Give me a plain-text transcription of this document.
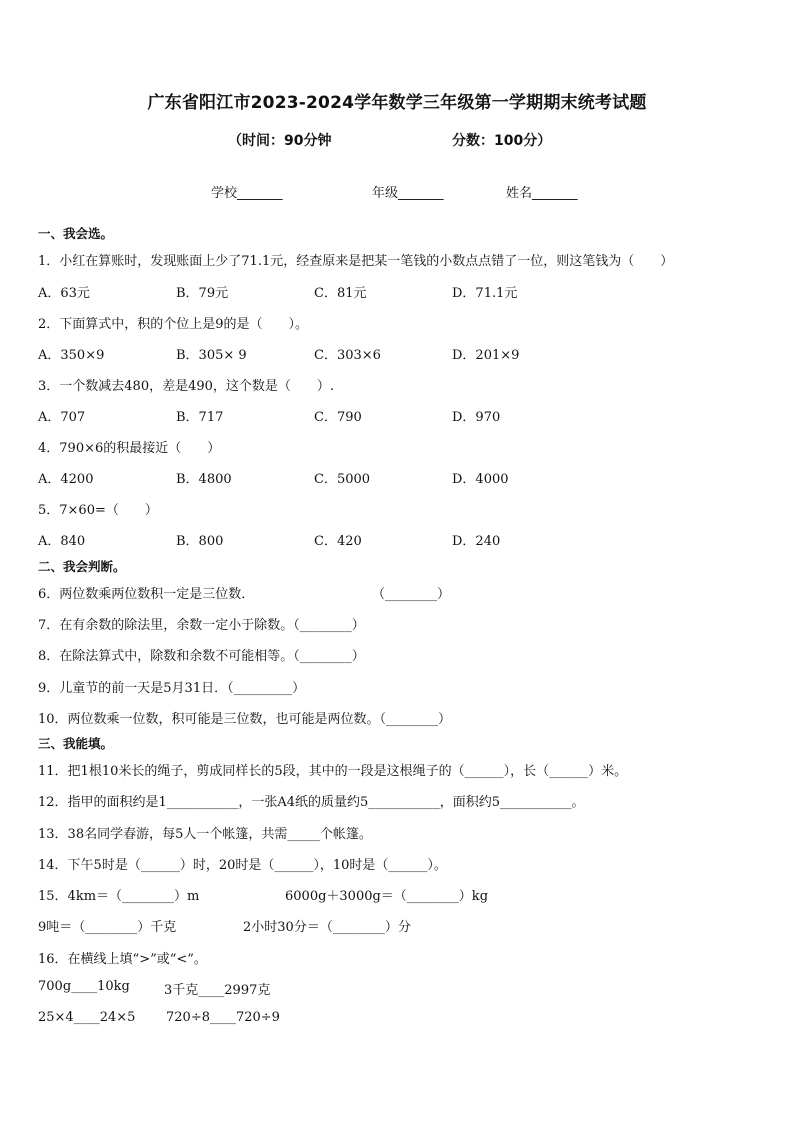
广东省阳江市2023-2024学年数学三年级第一学期期末统考试题
（时间：90分钟	分数：100分）
学校_______	年级_______	姓名_______
一、我会选。
1．小红在算账时，发现账面上少了71.1元，经查原来是把某一笔钱的小数点点错了一位，则这笔钱为（　　）
A．63元	B．79元	C．81元	D．71.1元
2．下面算式中，积的个位上是9的是（　　）。
A．350×9	B．305× 9	C．303×6	D．201×9
3．一个数减去480，差是490，这个数是（　　）.
A．707	B．717	C．790	D．970
4．790×6的积最接近（　　）
A．4200	B．4800	C．5000	D．4000
5．7×60=（　　）
A．840	B．800	C．420	D．240
二、我会判断。
6．两位数乘两位数积一定是三位数．	（________）
7．在有余数的除法里，余数一定小于除数。（________）
8．在除法算式中，除数和余数不可能相等。（________）
9．儿童节的前一天是5月31日．（_________）
10．两位数乘一位数，积可能是三位数，也可能是两位数。（________）
三、我能填。
11．把1根10米长的绳子，剪成同样长的5段，其中的一段是这根绳子的（______），长（______）米。
12．指甲的面积约是1___________，一张A4纸的质量约5___________，面积约5___________。
13．38名同学春游，每5人一个帐篷，共需_____个帐篷。
14．下午5时是（______）时，20时是（______），10时是（______）。
15．4km＝（________）m	6000g＋3000g＝（________）kg
9吨＝（________）千克	2小时30分＝（________）分
16．在横线上填“>”或“<”。
700g____10kg	3千克____2997克
25×4____24×5 720÷8____720÷9
